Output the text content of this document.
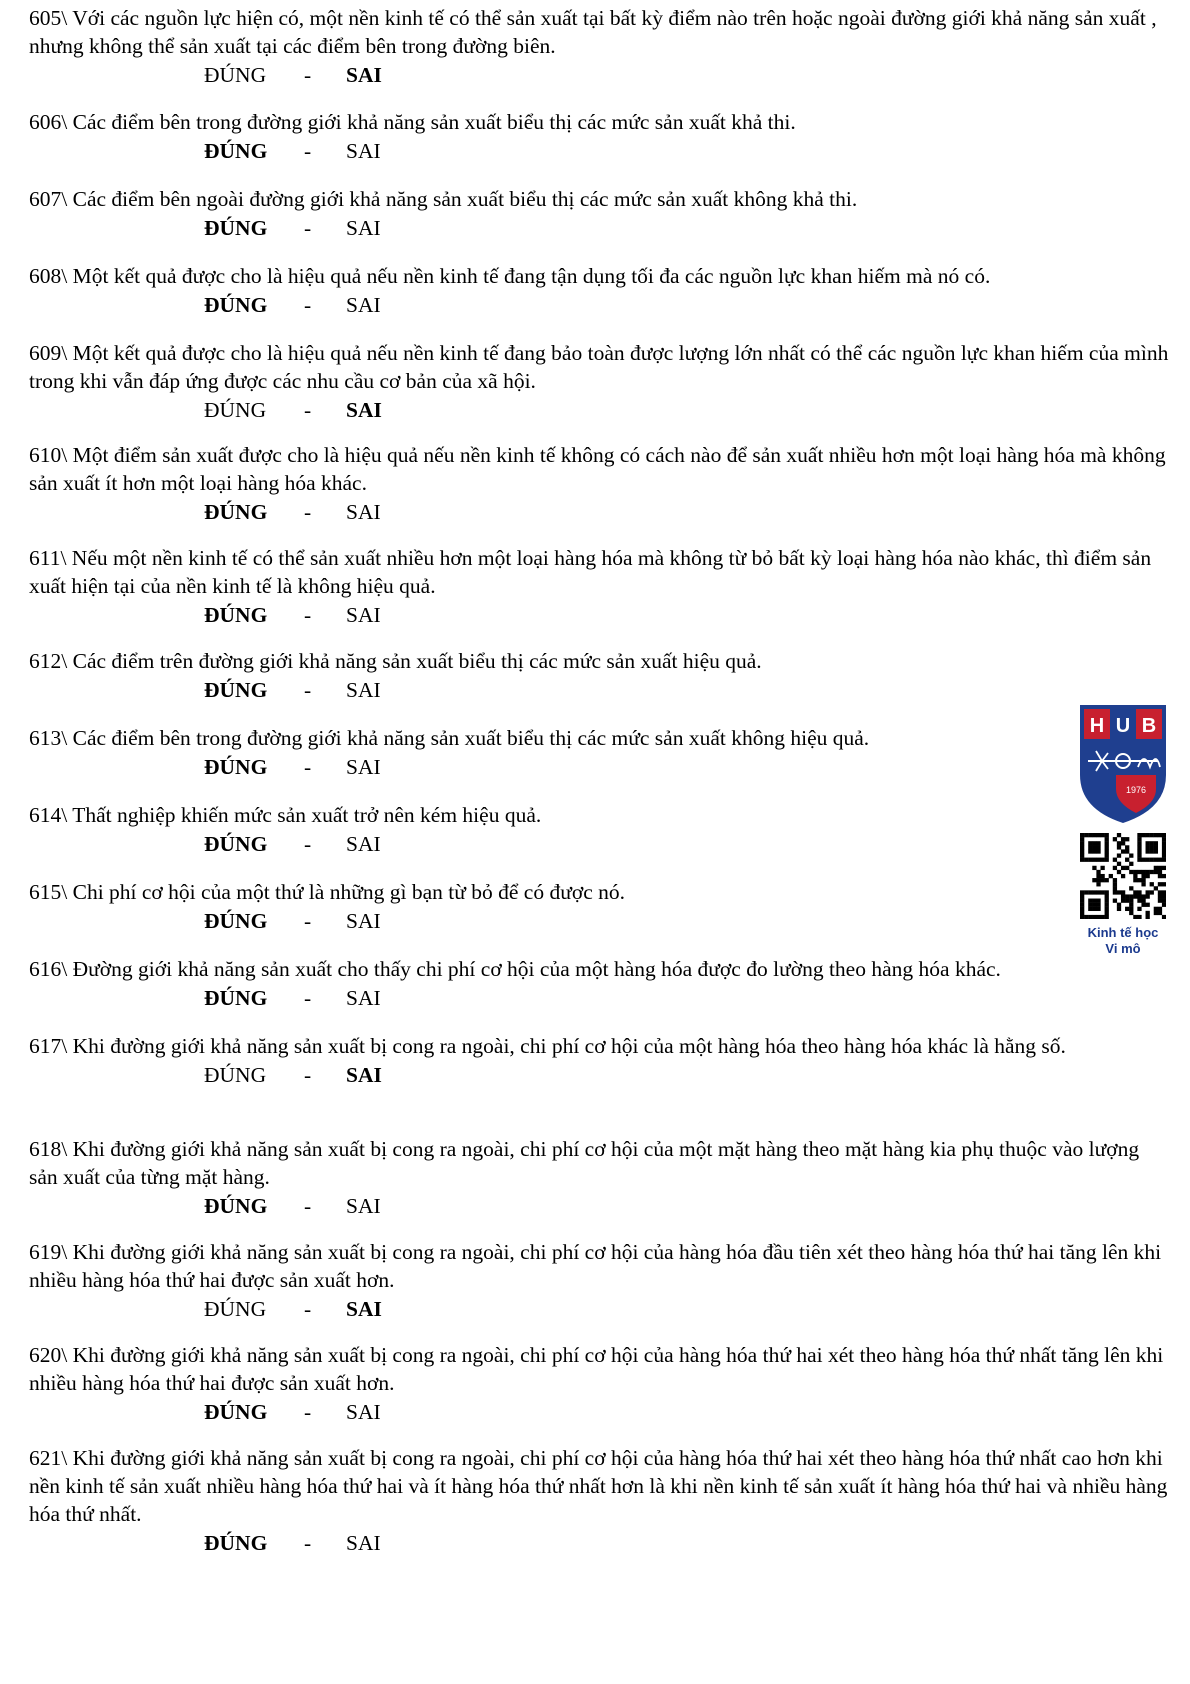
605\ Với các nguồn lực hiện có, một nền kinh tế có thể sản xuất tại bất kỳ điểm nào trên hoặc ngoài đường giới khả năng sản xuất , nhưng không thể sản xuất tại các điểm bên trong đường biên.
ĐÚNG - SAI
606\ Các điểm bên trong đường giới khả năng sản xuất biểu thị các mức sản xuất khả thi.
ĐÚNG - SAI
607\ Các điểm bên ngoài đường giới khả năng sản xuất biểu thị các mức sản xuất không khả thi.
ĐÚNG - SAI
608\ Một kết quả được cho là hiệu quả nếu nền kinh tế đang tận dụng tối đa các nguồn lực khan hiếm mà nó có.
ĐÚNG - SAI
609\ Một kết quả được cho là hiệu quả nếu nền kinh tế đang bảo toàn được lượng lớn nhất có thể các nguồn lực khan hiếm của mình trong khi vẫn đáp ứng được các nhu cầu cơ bản của xã hội.
ĐÚNG - SAI
610\ Một điểm sản xuất được cho là hiệu quả nếu nền kinh tế không có cách nào để sản xuất nhiều hơn một loại hàng hóa mà không sản xuất ít hơn một loại hàng hóa khác.
ĐÚNG - SAI
611\ Nếu một nền kinh tế có thể sản xuất nhiều hơn một loại hàng hóa mà không từ bỏ bất kỳ loại hàng hóa nào khác, thì điểm sản xuất hiện tại của nền kinh tế là không hiệu quả.
ĐÚNG - SAI
612\ Các điểm trên đường giới khả năng sản xuất biểu thị các mức sản xuất hiệu quả.
ĐÚNG - SAI
613\ Các điểm bên trong đường giới khả năng sản xuất biểu thị các mức sản xuất không hiệu quả.
ĐÚNG - SAI
614\ Thất nghiệp khiến mức sản xuất trở nên kém hiệu quả.
ĐÚNG - SAI
615\ Chi phí cơ hội của một thứ là những gì bạn từ bỏ để có được nó.
ĐÚNG - SAI
616\ Đường giới khả năng sản xuất cho thấy chi phí cơ hội của một hàng hóa được đo lường theo hàng hóa khác.
ĐÚNG - SAI
617\ Khi đường giới khả năng sản xuất bị cong ra ngoài, chi phí cơ hội của một hàng hóa theo hàng hóa khác là hằng số.
ĐÚNG - SAI
618\ Khi đường giới khả năng sản xuất bị cong ra ngoài, chi phí cơ hội của một mặt hàng theo mặt hàng kia phụ thuộc vào lượng sản xuất của từng mặt hàng.
ĐÚNG - SAI
619\ Khi đường giới khả năng sản xuất bị cong ra ngoài, chi phí cơ hội của hàng hóa đầu tiên xét theo hàng hóa thứ hai tăng lên khi nhiều hàng hóa thứ hai được sản xuất hơn.
ĐÚNG - SAI
620\ Khi đường giới khả năng sản xuất bị cong ra ngoài, chi phí cơ hội của hàng hóa thứ hai xét theo hàng hóa thứ nhất tăng lên khi nhiều hàng hóa thứ hai được sản xuất hơn.
ĐÚNG - SAI
621\ Khi đường giới khả năng sản xuất bị cong ra ngoài, chi phí cơ hội của hàng hóa thứ hai xét theo hàng hóa thứ nhất cao hơn khi nền kinh tế sản xuất nhiều hàng hóa thứ hai và ít hàng hóa thứ nhất hơn là khi nền kinh tế sản xuất ít hàng hóa thứ hai và nhiều hàng hóa thứ nhất.
ĐÚNG - SAI
H U B
1976
Kinh tế học
Vi mô
